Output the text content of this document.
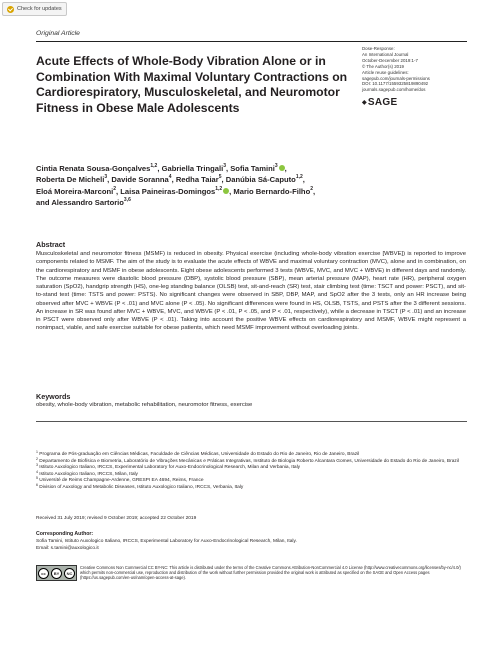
Check for updates
Original Article
Acute Effects of Whole-Body Vibration Alone or in Combination With Maximal Voluntary Contractions on Cardiorespiratory, Musculoskeletal, and Neuromotor Fitness in Obese Male Adolescents
Dose-Response:
An International Journal
October-December 2019:1-7
© The Author(s) 2019
Article reuse guidelines:
sagepub.com/journals-permissions
DOI: 10.1177/1559325819890492
journals.sagepub.com/home/dos
◆ SAGE
Cintia Renata Sousa-Gonçalves$^{1,2}$, Gabriella Tringali$^3$, Sofia Tamini$^3$ ,
Roberta De Micheli$^3$, Davide Soranna$^4$, Redha Taiar$^5$, Danúbia Sá-Caputo$^{1,2}$,
Eloá Moreira-Marconi$^2$, Laisa Paineiras-Domingos$^{1,2}$ , Mario Bernardo-Filho$^2$,
and Alessandro Sartorio$^{3,6}$
Abstract
Musculoskeletal and neuromotor fitness (MSMF) is reduced in obesity. Physical exercise (including whole-body vibration exercise [WBVE]) is reported to improve components related to MSMF. The aim of the study is to evaluate the acute effects of WBVE and maximal voluntary contraction (MVC), alone and in combination, on the cardiorespiratory and MSMF in obese adolescents. Eight obese adolescents performed 3 tests (WBVE, MVC, and MVC + WBVE) in different days and randomly. The outcome measures were diastolic blood pressure (DBP), systolic blood pressure (SBP), mean arterial pressure (MAP), heart rate (HR), peripheral oxygen saturation (SpO2), handgrip strength (HS), one-leg standing balance (OLSB) test, sit-and-reach (SR) test, stair climbing test (time: TSCT and power: PSCT), and sit-to-stand test (time: TSTS and power: PSTS). No significant changes were observed in SBP, DBP, MAP, and SpO2 after the 3 tests, only an HR increase being observed after MVC + WBVE (P < .01) and MVC alone (P < .05). No significant differences were found in HS, OLSB, TSTS, and PSTS after the 3 different sessions. An increase in SR was found after MVC + WBVE, MVC, and WBVE (P < .01, P < .05, and P < .01, respectively), while a decrease in TSCT (P < .01) and an increase in PSCT were observed only after WBVE (P < .01). Taking into account the positive WBVE effects on cardiorespiratory and MSMF, WBVE might represent a nonimpact, viable, and safe exercise suitable for obese patients, which need MSMF improvement without overloading joints.
Keywords
obesity, whole-body vibration, metabolic rehabilitation, neuromotor fitness, exercise
$^1$ Programa de Pós-graduação em Ciências Médicas, Faculdade de Ciências Médicas, Universidade do Estado do Rio de Janeiro, Rio de Janeiro, Brazil
$^2$ Departamento de Biofísica e Biometria, Laboratório de Vibrações Mecânicas e Práticas Integrativas, Instituto de Biologia Roberto Alcantara Gomes, Universidade do Estado do Rio de Janeiro, Brazil
$^3$ Istituto Auxologico Italiano, IRCCS, Experimental Laboratory for Auxo-Endocrinological Research, Milan and Verbania, Italy
$^4$ Istituto Auxologico Italiano, IRCCS, Milan, Italy
$^5$ Université de Reims Champagne-Ardenne, GRESPI EA 4694, Reims, France
$^6$ Division of Auxology and Metabolic Diseases, Istituto Auxologico Italiano, IRCCS, Verbania, Italy
Received 31 July 2019; revised 9 October 2019; accepted 22 October 2019
Corresponding Author:
Sofia Tamini, Istituto Auxologico Italiano, IRCCS, Experimental Laboratory for Auxo-Endocrinological Research, Milan, Italy.
Email: s.tamini@auxologico.it
cc	BY	NC
Creative Commons Non Commercial CC BY-NC: This article is distributed under the terms of the Creative Commons Attribution-NonCommercial 4.0 License (http://www.creativecommons.org/licenses/by-nc/4.0/) which permits non-commercial use, reproduction and distribution of the work without further permission provided the original work is attributed as specified on the SAGE and Open Access pages (https://us.sagepub.com/en-us/nam/open-access-at-sage).
